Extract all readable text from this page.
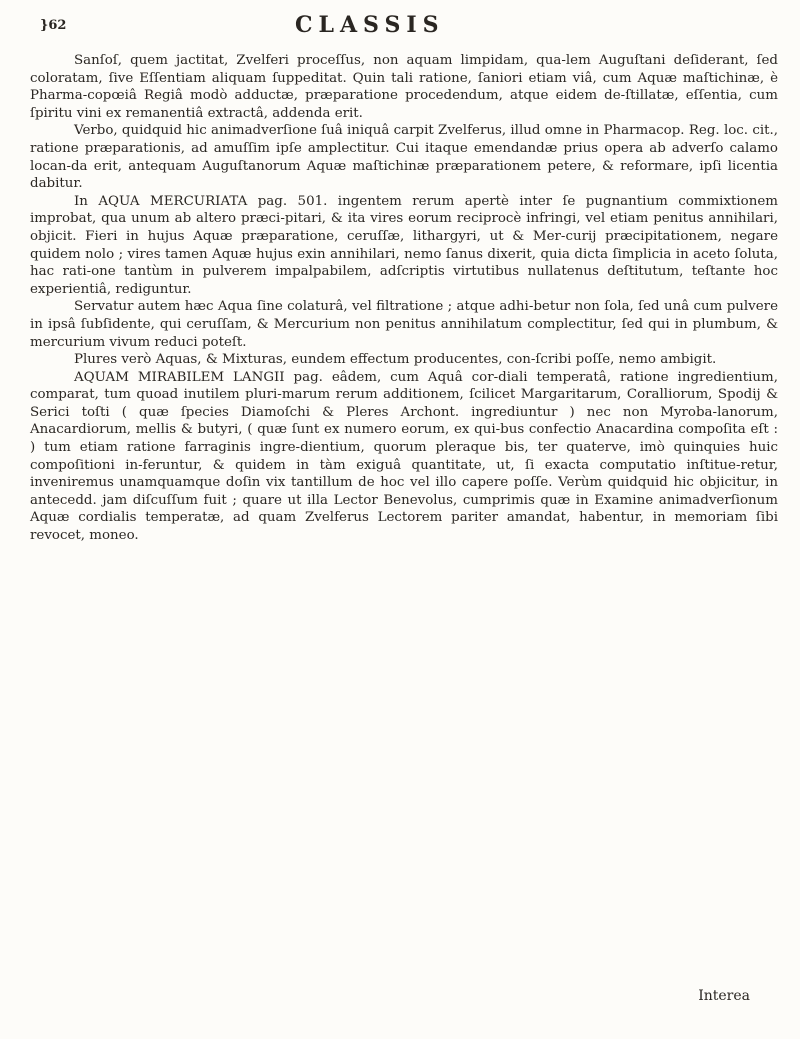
}62	CLASSIS

Sanſoſ, quem jactitat, Zvelferi proceſſus, non aquam limpidam, qua-lem Auguſtani deſiderant, ſed coloratam, ſive Eſſentiam aliquam ſuppeditat. Quin tali ratione, ſaniori etiam viâ, cum Aquæ maſtichinæ, è Pharma-copœiâ Regiâ modò adductæ, præparatione procedendum, atque eidem de-ſtillatæ, eſſentia, cum ſpiritu vini ex remanentiâ extractâ, addenda erit.

Verbo, quidquid hic animadverſione ſuâ iniquâ carpit Zvelferus, illud omne in Pharmacop. Reg. loc. cit., ratione præparationis, ad amuſſim ipſe amplectitur. Cui itaque emendandæ prius opera ab adverſo calamo locan-da erit, antequam Auguſtanorum Aquæ maſtichinæ præparationem petere, & reformare, ipſi licentia dabitur.

In AQUA MERCURIATA pag. 501. ingentem rerum apertè inter ſe pugnantium commixtionem improbat, qua unum ab altero præci-pitari, & ita vires eorum reciprocè infringi, vel etiam penitus annihilari, objicit. Fieri in hujus Aquæ præparatione, ceruſſæ, lithargyri, ut & Mer-curij præcipitationem, negare quidem nolo ; vires tamen Aquæ hujus exin annihilari, nemo ſanus dixerit, quia dicta ſimplicia in aceto ſoluta, hac rati-one tantùm in pulverem impalpabilem, adſcriptis virtutibus nullatenus deſtitutum, teſtante hoc experientiâ, rediguntur.

Servatur autem hæc Aqua ſine colaturâ, vel filtratione ; atque adhi-betur non ſola, ſed unâ cum pulvere in ipsâ ſubſidente, qui ceruſſam, & Mercurium non penitus annihilatum complectitur, ſed qui in plumbum, & mercurium vivum reduci poteſt.

Plures verò Aquas, & Mixturas, eundem effectum producentes, con-ſcribi poſſe, nemo ambigit.

AQUAM MIRABILEM LANGII pag. eâdem, cum Aquâ cor-diali temperatâ, ratione ingredientium, comparat, tum quoad inutilem pluri-marum rerum additionem, ſcilicet Margaritarum, Coralliorum, Spodij & Serici toſti ( quæ ſpecies Diamoſchi & Pleres Archont. ingrediuntur ) nec non Myroba-lanorum, Anacardiorum, mellis & butyri, ( quæ ſunt ex numero eorum, ex qui-bus confectio Anacardina compoſita eſt : ) tum etiam ratione farraginis ingre-dientium, quorum pleraque bis, ter quaterve, imò quinquies huic compoſitioni in-feruntur, & quidem in tàm exiguâ quantitate, ut, ſi exacta computatio inſtitue-retur, inveniremus unamquamque doſin vix tantillum de hoc vel illo capere poſſe. Verùm quidquid hic objicitur, in antecedd. jam diſcuſſum fuit ; quare ut illa Lector Benevolus, cumprimis quæ in Examine animadverſionum Aquæ cordialis temperatæ, ad quam Zvelferus Lectorem pariter amandat, habentur, in memoriam ſibi revocet, moneo.

Interea
